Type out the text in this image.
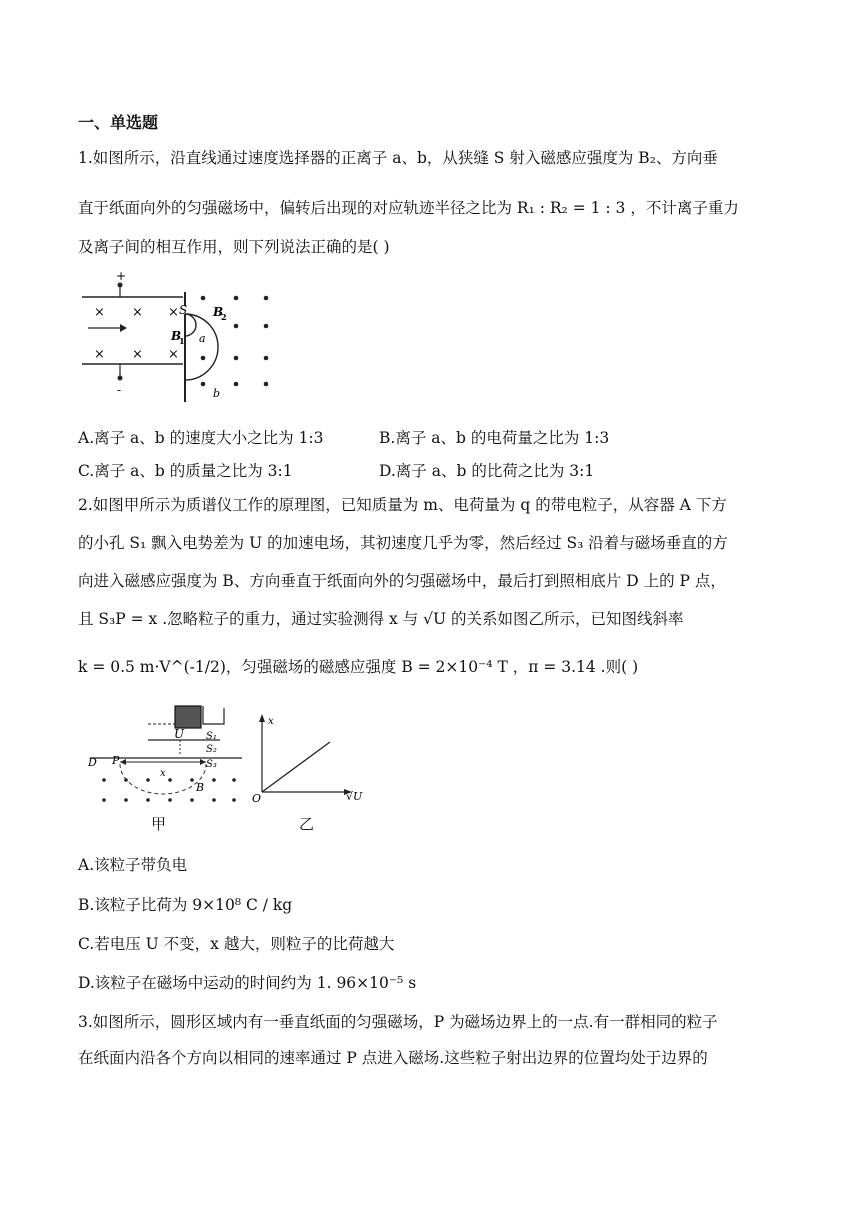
一、单选题
1.如图所示，沿直线通过速度选择器的正离子 a、b，从狭缝 S 射入磁感应强度为 B₂、方向垂
直于纸面向外的匀强磁场中，偏转后出现的对应轨迹半径之比为 R₁ : R₂ = 1 : 3 ，不计离子重力
及离子间的相互作用，则下列说法正确的是( )
+
-
× × ×
× × ×
S B
2
B
1 a
b
A.离子 a、b 的速度大小之比为 1:3	B.离子 a、b 的电荷量之比为 1:3
C.离子 a、b 的质量之比为 3:1	D.离子 a、b 的比荷之比为 3:1
2.如图甲所示为质谱仪工作的原理图，已知质量为 m、电荷量为 q 的带电粒子，从容器 A 下方
的小孔 S₁ 飘入电势差为 U 的加速电场，其初速度几乎为零，然后经过 S₃ 沿着与磁场垂直的方
向进入磁感应强度为 B、方向垂直于纸面向外的匀强磁场中，最后打到照相底片 D 上的 P 点，
且 S₃P = x .忽略粒子的重力，通过实验测得 x 与 √U 的关系如图乙所示，已知图线斜率
k = 0.5 m·V^(-1/2)，匀强磁场的磁感应强度 B = 2×10⁻⁴ T ，π = 3.14 .则( )
U S₁
S₂
D P
x
S₃
B
甲
x
O	√U
乙
A.该粒子带负电
B.该粒子比荷为 9×10⁸ C / kg
C.若电压 U 不变，x 越大，则粒子的比荷越大
D.该粒子在磁场中运动的时间约为 1. 96×10⁻⁵ s
3.如图所示，圆形区域内有一垂直纸面的匀强磁场，P 为磁场边界上的一点.有一群相同的粒子
在纸面内沿各个方向以相同的速率通过 P 点进入磁场.这些粒子射出边界的位置均处于边界的
